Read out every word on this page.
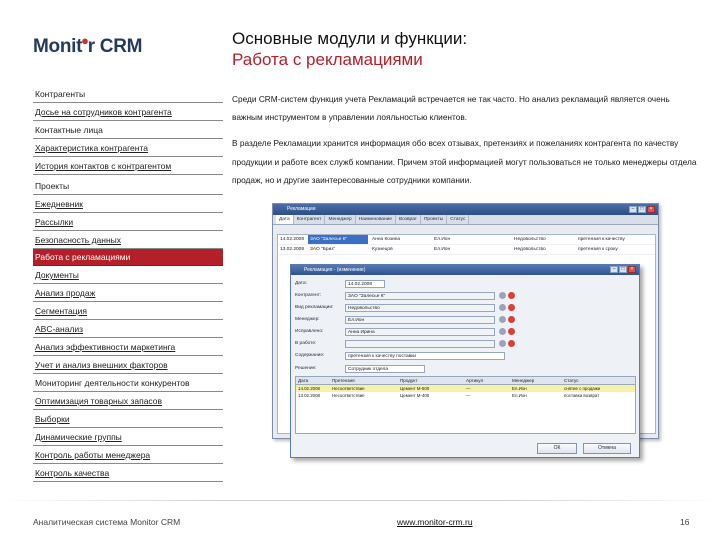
Monit●r CRM	Основные модули и функции:
Работа с рекламациями
Контрагенты
Досье на сотрудников контрагента
Контактные лица
Характеристика контрагента
История контактов с контрагентом
Проекты
Ежедневник
Рассылки
Безопасность данных
Работа с рекламациями
Документы
Анализ продаж
Сегментация
ABC-анализ
Анализ эффективности маркетинга
Учет и анализ внешних факторов
Мониторинг деятельности конкурентов
Оптимизация товарных запасов
Выборки
Динамические группы
Контроль работы менеджера
Контроль качества

Среди CRM-систем функция учета Рекламаций встречается не так часто. Но анализ рекламаций является очень важным инструментом в управлении лояльностью клиентов.

В разделе Рекламации хранится информация обо всех отзывах, претензиях и пожеланиях контрагента по качеству продукции и работе всех служб компании. Причем этой информацией могут пользоваться не только менеджеры отдела продаж, но и другие заинтересованные сотрудники компании.

Рекламации	–	□	×
Дата	Контрагент	Менеджер	Наименование	Возврат	Проекты	Статус
14.02.2008	ЗАО "Залесье К"	Анна Козина	Ел.Ион	Недовольство	претензия к качеству
13.02.2008	ЗАО "Бриз"	Кузнецов	Ел.Ион	Недовольство	претензия к сроку
Рекламация - (изменение)	–	□	×
Дата:	14.02.2008
Контрагент:	ЗАО "Залесье К"
Вид рекламации:	Недовольство
Менеджер:	Ел.Ион
Исправлено:	Анна Ирина
В работе:
Содержание:	претензия к качеству поставки
Решение:	Сотрудник отдела
Дата	Претензия	Продукт	Артикул	Менеджер	Статус
14.02.2008	Несоответствие	Цемент М-500	—	Ел.Ион	снятие с продажи
13.02.2008	Несоответствие	Цемент М-400	—	Ел.Ион	поставка возврат
ОК	Отмена
Аналитическая система Monitor CRM	www.monitor-crm.ru	16
